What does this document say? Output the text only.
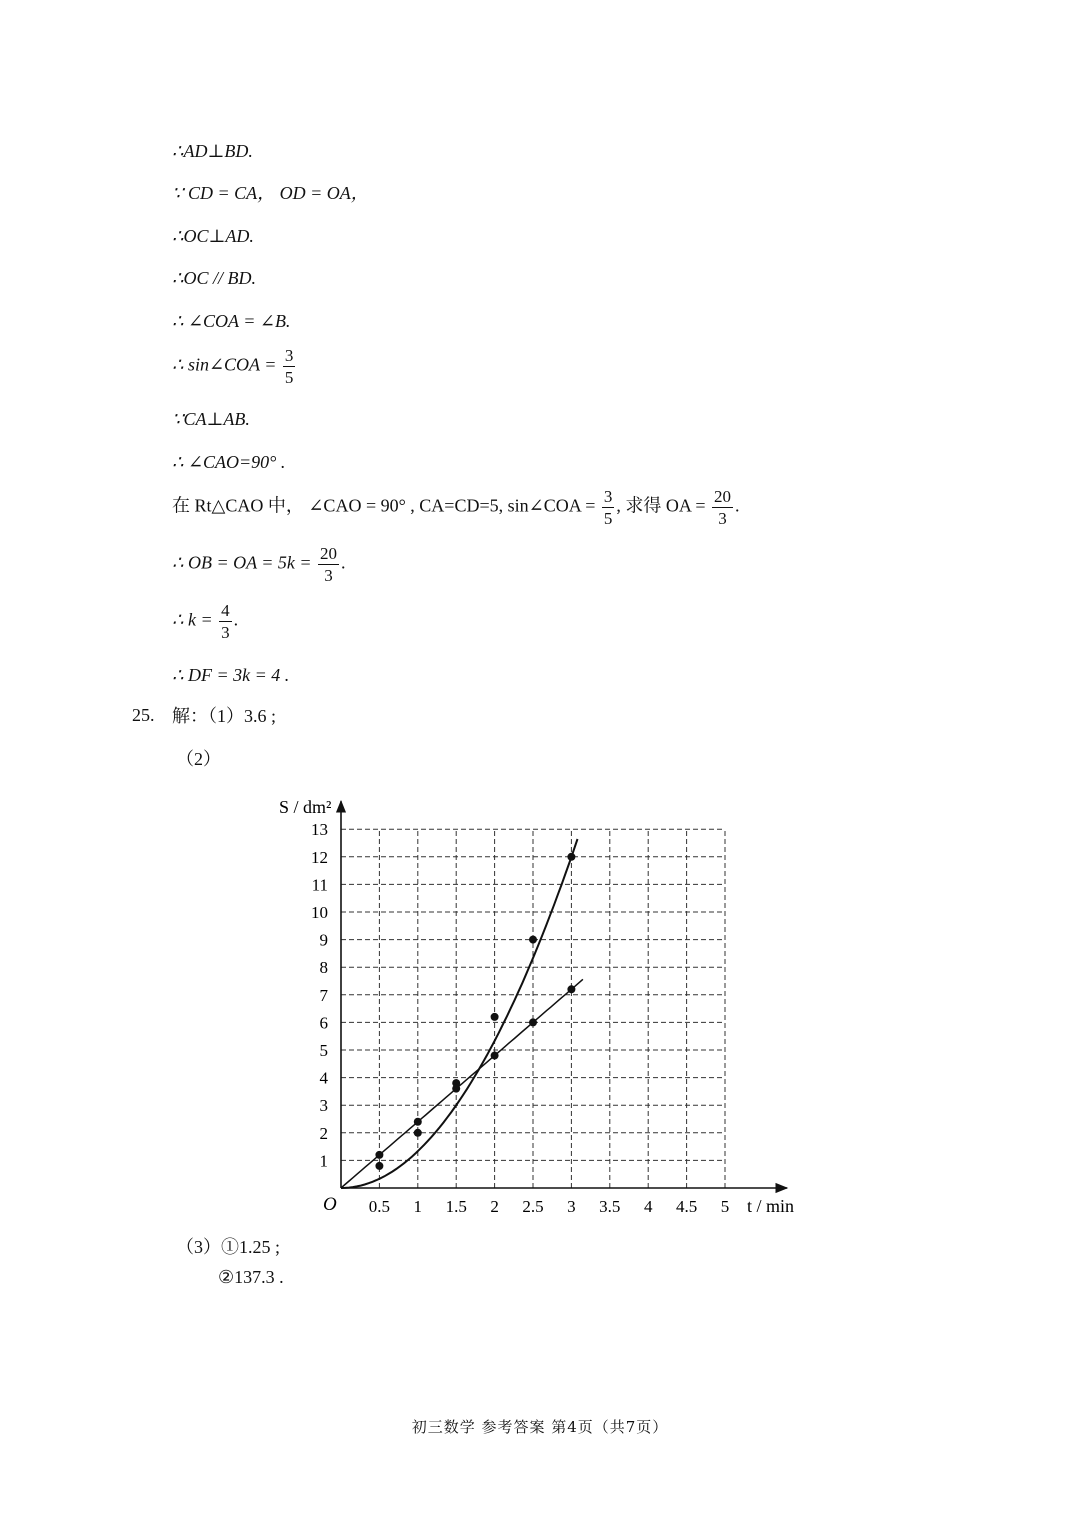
∴AD⊥BD.
∵ CD = CA， OD = OA，
∴OC⊥AD.
∴OC // BD.
∴ ∠COA = ∠B.
∴ sin∠COA = $\frac{3}{5}$
∵CA⊥AB.
∴ ∠CAO=90° .
在 Rt△CAO 中， ∠CAO = 90° , CA=CD=5, sin∠COA = $\frac{3}{5}$ , 求得 OA = $\frac{20}{3}$ .
∴ OB = OA = $5k = \frac{20}{3}$ .
∴ $k = \frac{4}{3}$ .
∴ DF = 3k = 4 .
25. 解：（1）3.6 ;
（2）
0.5 1 1.5 2 2.5 3 3.5 4 4.5 5
1
2
3
4
5
6
7
8
9
10
11
12
13
O	t / min
S / dm²
（3）①1.25 ;
②137.3 .
初三数学 参考答案 第4页（共7页）
